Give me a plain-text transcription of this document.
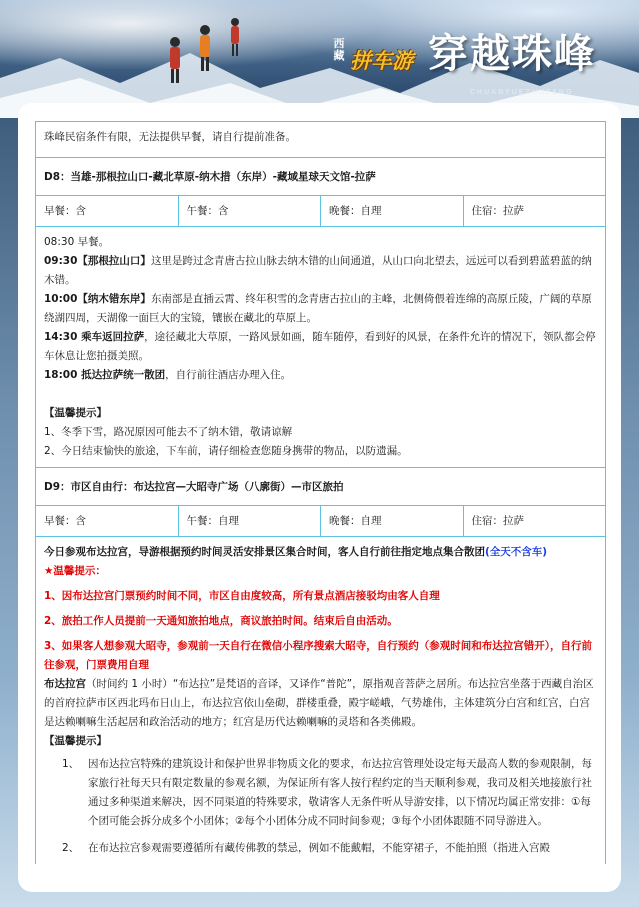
西藏 拼车游 穿越珠峰
CHUANYUEZHUFENG
珠峰民宿条件有限，无法提供早餐，请自行提前准备。
D8：当雄-那根拉山口-藏北草原-纳木措（东岸）-藏域星球天文馆-拉萨
早餐：含	午餐：含	晚餐：自理	住宿：拉萨

08:30 早餐。

09:30【那根拉山口】这里是跨过念青唐古拉山脉去纳木错的山间通道，从山口向北望去，远远可以看到碧蓝碧蓝的纳木错。

10:00【纳木错东岸】东南部是直插云霄、终年积雪的念青唐古拉山的主峰，北侧倚偎着连绵的高原丘陵，广阔的草原绕湖四周，天湖像一面巨大的宝镜，镶嵌在藏北的草原上。

14:30 乘车返回拉萨，途径藏北大草原，一路风景如画，随车随停，看到好的风景，在条件允许的情况下，领队都会停车休息让您拍摄美照。

18:00 抵达拉萨统一散团，自行前往酒店办理入住。

【温馨提示】

1、冬季下雪，路况原因可能去不了纳木错，敬请谅解

2、今日结束愉快的旅途，下车前，请仔细检查您随身携带的物品，以防遗漏。

D9：市区自由行：布达拉宫—大昭寺广场（八廓街）—市区旅拍
早餐：含	午餐：自理	晚餐：自理	住宿：拉萨

今日参观布达拉宫，导游根据预约时间灵活安排景区集合时间，客人自行前往指定地点集合散团(全天不含车)

★温馨提示：

1、因布达拉宫门票预约时间不同，市区自由度较高，所有景点酒店接驳均由客人自理

2、旅拍工作人员提前一天通知旅拍地点，商议旅拍时间。结束后自由活动。

3、如果客人想参观大昭寺，参观前一天自行在微信小程序搜索大昭寺，自行预约（参观时间和布达拉宫错开），自行前往参观，门票费用自理

布达拉宫（时间约 1 小时）“布达拉”是梵语的音译，又译作“普陀”，原指观音菩萨之居所。布达拉宫坐落于西藏自治区的首府拉萨市区西北玛布日山上，布达拉宫依山垒砌，群楼重叠，殿宇嵯峨，气势雄伟，主体建筑分白宫和红宫，白宫是达赖喇嘛生活起居和政治活动的地方；红宫是历代达赖喇嘛的灵塔和各类佛殿。

【温馨提示】

1、 因布达拉宫特殊的建筑设计和保护世界非物质文化的要求，布达拉宫管理处设定每天最高人数的参观限制，每家旅行社每天只有限定数量的参观名额，为保证所有客人按行程约定的当天顺利参观，我司及相关地接旅行社通过多种渠道来解决，因不同渠道的特殊要求，敬请客人无条件听从导游安排，以下情况均属正常安排：①每个团可能会拆分成多个小团体；②每个小团体分成不同时间参观；③每个小团体跟随不同导游进入。
2、 在布达拉宫参观需要遵循所有藏传佛教的禁忌，例如不能戴帽，不能穿裙子，不能拍照（指进入宫殿
